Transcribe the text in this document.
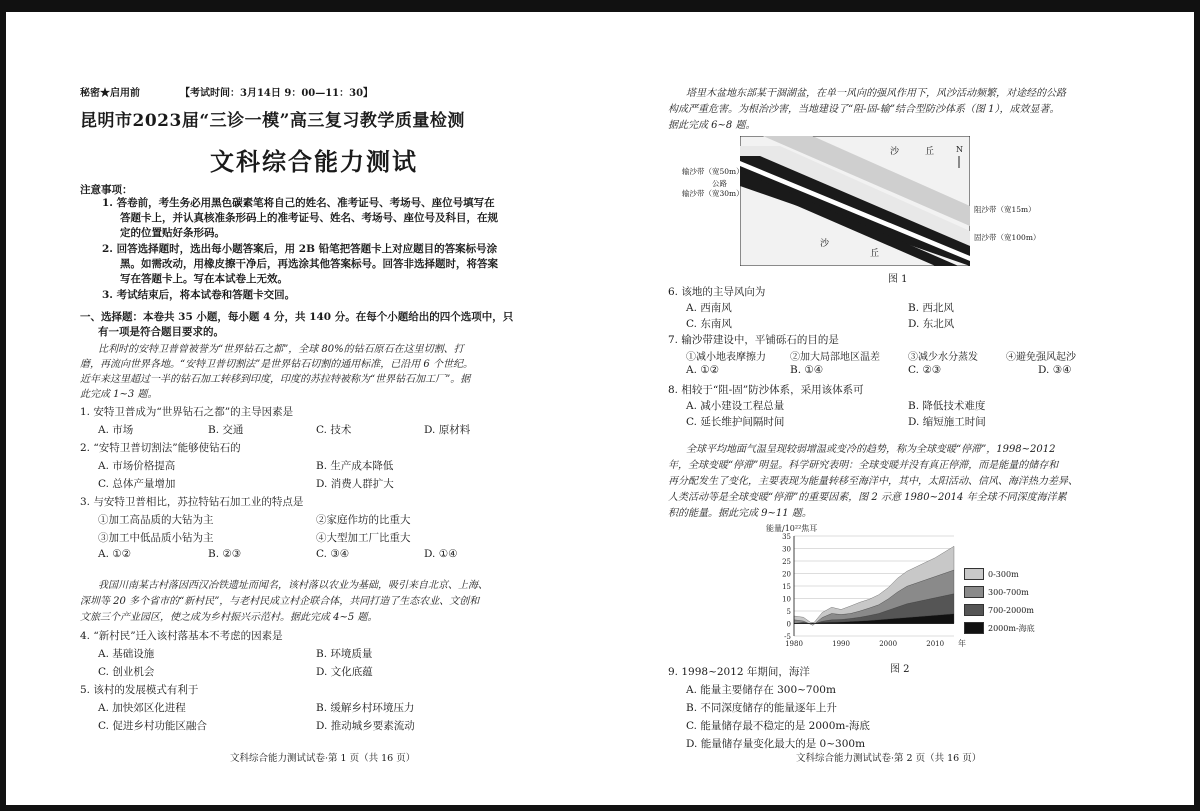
秘密★启用前	【考试时间：3月14日 9：00—11：30】
昆明市2023届“三诊一模”高三复习教学质量检测
文科综合能力测试
注意事项：
1. 答卷前，考生务必用黑色碳素笔将自己的姓名、准考证号、考场号、座位号填写在
答题卡上，并认真核准条形码上的准考证号、姓名、考场号、座位号及科目，在规
定的位置贴好条形码。
2. 回答选择题时，选出每小题答案后，用 2B 铅笔把答题卡上对应题目的答案标号涂
黑。如需改动，用橡皮擦干净后，再选涂其他答案标号。回答非选择题时，将答案
写在答题卡上。写在本试卷上无效。
3. 考试结束后，将本试卷和答题卡交回。
一、选择题：本卷共 35 小题，每小题 4 分，共 140 分。在每个小题给出的四个选项中，只
有一项是符合题目要求的。
比利时的安特卫普曾被誉为“世界钻石之都”，全球 80%的钻石原石在这里切割、打
磨，再流向世界各地。“安特卫普切割法”是世界钻石切割的通用标准，已沿用 6 个世纪。
近年来这里超过一半的钻石加工转移到印度，印度的苏拉特被称为“世界钻石加工厂”。据
此完成 1~3 题。
1. 安特卫普成为“世界钻石之都”的主导因素是
A. 市场	B. 交通	C. 技术	D. 原材料
2. “安特卫普切割法”能够使钻石的
A. 市场价格提高	B. 生产成本降低
C. 总体产量增加	D. 消费人群扩大
3. 与安特卫普相比，苏拉特钻石加工业的特点是
①加工高品质的大钻为主	②家庭作坊的比重大
③加工中低品质小钻为主	④大型加工厂比重大
A. ①②	B. ②③	C. ③④	D. ①④
我国川南某古村落因西汉冶铁遗址而闻名，该村落以农业为基础，吸引来自北京、上海、
深圳等 20 多个省市的“新村民”，与老村民成立村企联合体，共同打造了生态农业、文创和
文旅三个产业园区，使之成为乡村振兴示范村。据此完成 4~5 题。
4. “新村民”迁入该村落基本不考虑的因素是
A. 基础设施	B. 环境质量
C. 创业机会	D. 文化底蕴
5. 该村的发展模式有利于
A. 加快郊区化进程	B. 缓解乡村环境压力
C. 促进乡村功能区融合	D. 推动城乡要素流动
文科综合能力测试试卷·第 1 页（共 16 页）
塔里木盆地东部某干涸湖盆，在单一风向的强风作用下，风沙活动频繁，对途经的公路
构成严重危害。为根治沙害，当地建设了“阻-固-输”结合型防沙体系（图 1），成效显著。
据此完成 6~8 题。
沙	丘
沙
丘
N
输沙带（宽50m）
公路
输沙带（宽30m）
阻沙带（宽15m）
固沙带（宽100m）
图 1
6. 该地的主导风向为
A. 西南风	B. 西北风
C. 东南风	D. 东北风
7. 输沙带建设中，平铺砾石的目的是
①减小地表摩擦力 ②加大局部地区温差	③减少水分蒸发	④避免强风起沙
A. ①②	B. ①④	C. ②③	D. ③④
8. 相较于“阻-固”防沙体系，采用该体系可
A. 减小建设工程总量	B. 降低技术难度
C. 延长维护间隔时间	D. 缩短施工时间
全球平均地面气温呈现较弱增温或变冷的趋势，称为全球变暖“停滞”，1998~2012
年，全球变暖“停滞”明显。科学研究表明：全球变暖并没有真正停滞，而是能量的储存和
再分配发生了变化，主要表现为能量转移至海洋中，其中，太阳活动、信风、海洋热力差异、
人类活动等是全球变暖“停滞”的重要因素，图 2 示意 1980~2014 年全球不同深度海洋累
积的能量。据此完成 9~11 题。
能量/10²²焦耳
-5
0
5
10
15
20
25
30
35
1980	1990	2000	2010 年
图 2
0-300m
300-700m
700-2000m
2000m-海底
9. 1998~2012 年期间，海洋
A. 能量主要储存在 300~700m
B. 不同深度储存的能量逐年上升
C. 能量储存最不稳定的是 2000m-海底
D. 能量储存量变化最大的是 0~300m
文科综合能力测试试卷·第 2 页（共 16 页）
